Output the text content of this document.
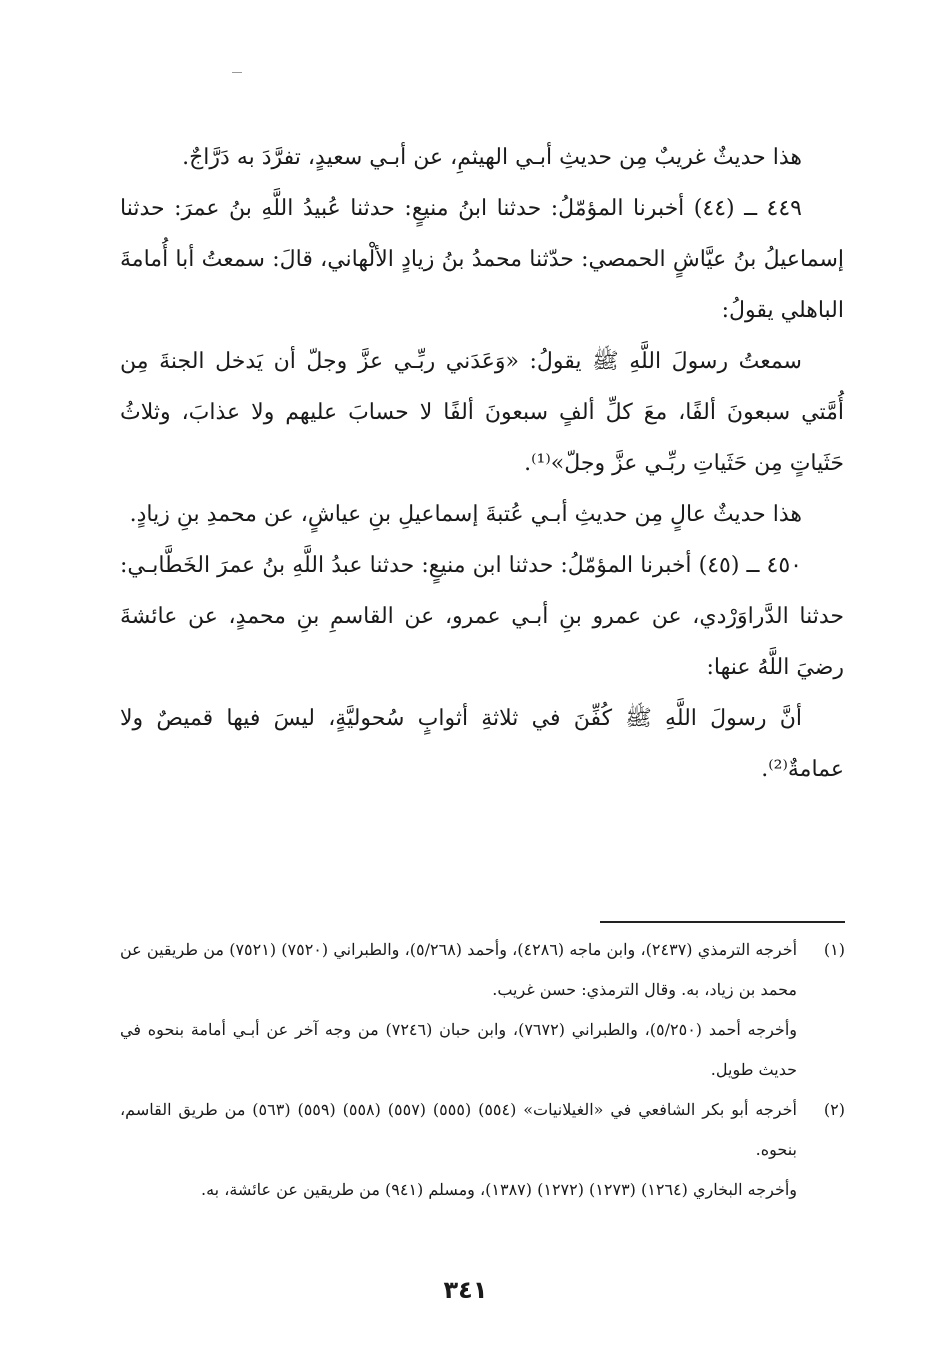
هذا حديثٌ غريبٌ مِن حديثِ أبـي الهيثمِ، عن أبـي سعيدٍ، تفرَّدَ به دَرَّاجٌ.

٤٤٩ ــ (٤٤) أخبرنا المؤمّلُ: حدثنا ابنُ منيعٍ: حدثنا عُبيدُ اللَّهِ بنُ عمرَ: حدثنا إسماعيلُ بنُ عيَّاشٍ الحمصي: حدّثنا محمدُ بنُ زيادٍ الألْهاني، قالَ: سمعتُ أبا أُمامةَ الباهلي يقولُ:

سمعتُ رسولَ اللَّهِ ﷺ يقولُ: «وَعَدَني ربِّـي عزَّ وجلّ أن يَدخل الجنةَ مِن أُمَّتي سبعونَ ألفًا، معَ كلِّ ألفٍ سبعونَ ألفًا لا حسابَ عليهم ولا عذابَ، وثلاثُ حَثَياتٍ مِن حَثَياتِ ربِّـي عزَّ وجلّ»⁽¹⁾.

هذا حديثٌ عالٍ مِن حديثِ أبـي عُتبةَ إسماعيلِ بنِ عياشٍ، عن محمدِ بنِ زيادٍ.

٤٥٠ ــ (٤٥) أخبرنا المؤمّلُ: حدثنا ابن منيعٍ: حدثنا عبدُ اللَّهِ بنُ عمرَ الخَطَّابـي: حدثنا الدَّراوَرْدي، عن عمرو بنِ أبـي عمرو، عن القاسمِ بنِ محمدٍ، عن عائشةَ رضيَ اللَّهُ عنها:

أنَّ رسولَ اللَّهِ ﷺ كُفِّنَ في ثلاثةِ أثوابٍ سُحوليَّةٍ، ليسَ فيها قميصٌ ولا عمامةٌ⁽²⁾.

(١)

أخرجه الترمذي (٢٤٣٧)، وابن ماجه (٤٢٨٦)، وأحمد (٥/٢٦٨)، والطبراني (٧٥٢٠) (٧٥٢١) من طريقين عن محمد بن زياد، به. وقال الترمذي: حسن غريب.

وأخرجه أحمد (٥/٢٥٠)، والطبراني (٧٦٧٢)، وابن حبان (٧٢٤٦) من وجه آخر عن أبـي أمامة بنحوه في حديث طويل.

(٢)

أخرجه أبو بكر الشافعي في «الغيلانيات» (٥٥٤) (٥٥٥) (٥٥٧) (٥٥٨) (٥٥٩) (٥٦٣) من طريق القاسم، بنحوه.

وأخرجه البخاري (١٢٦٤) (١٢٧٣) (١٢٧٢) (١٣٨٧)، ومسلم (٩٤١) من طريقين عن عائشة، به.

٣٤١
